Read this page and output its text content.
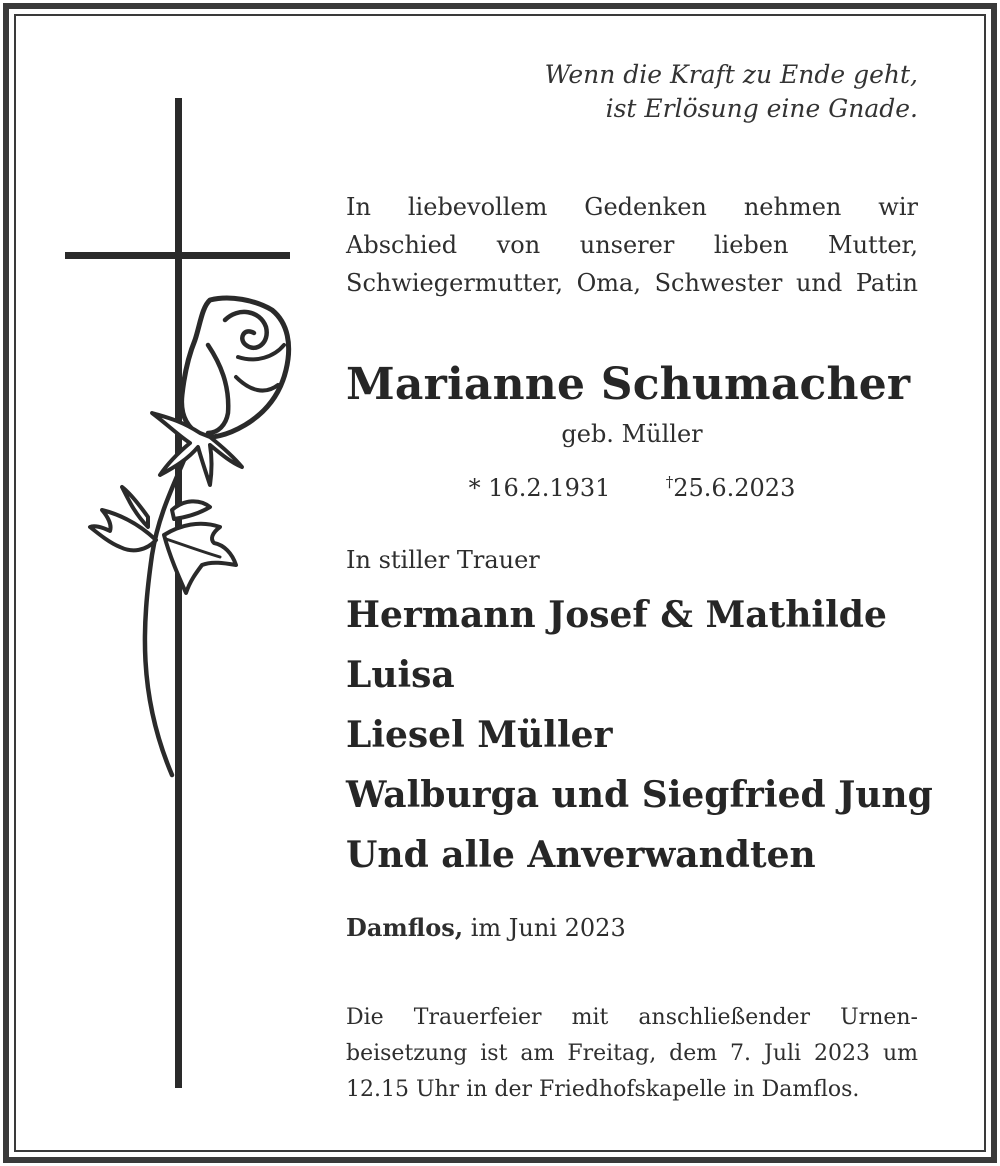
Wenn die Kraft zu Ende geht,
ist Erlösung eine Gnade.
In liebevollem Gedenken nehmen wir
Abschied von unserer lieben Mutter,
Schwiegermutter, Oma, Schwester und Patin
Marianne Schumacher
geb. Müller
* 16.2.1931	†25.6.2023
In stiller Trauer
Hermann Josef & Mathilde
Luisa
Liesel Müller
Walburga und Siegfried Jung
Und alle Anverwandten
Damflos, im Juni 2023
Die Trauerfeier mit anschließender Urnen-
beisetzung ist am Freitag, dem 7. Juli 2023 um
12.15 Uhr in der Friedhofskapelle in Damflos.
